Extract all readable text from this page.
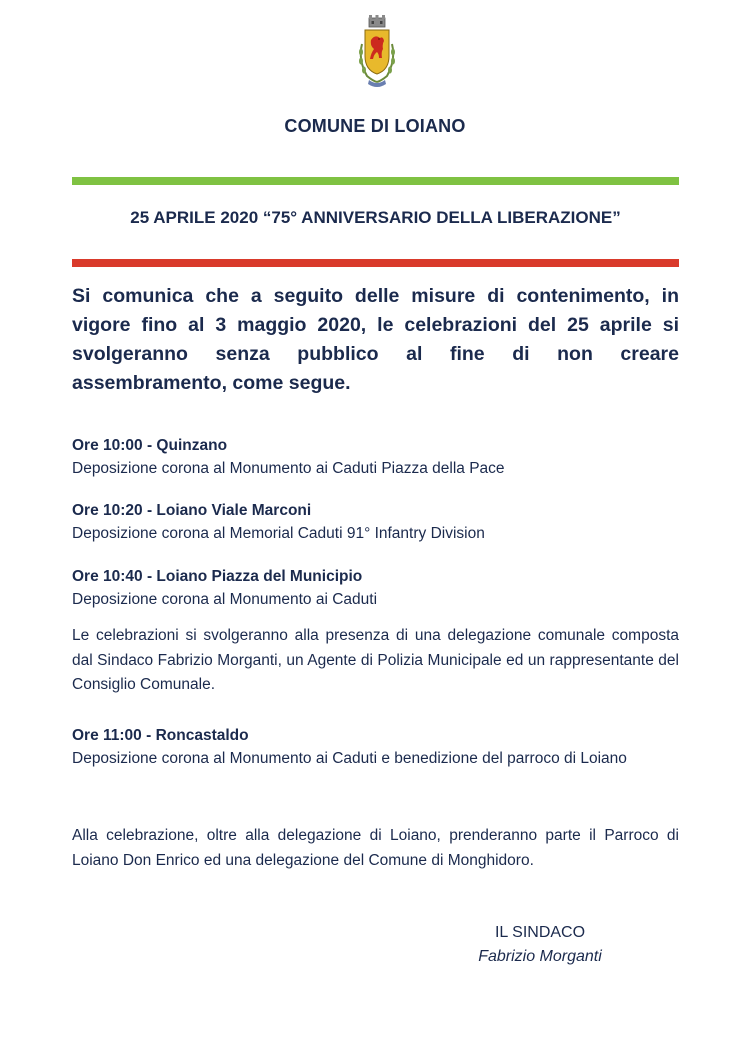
COMUNE DI LOIANO
25 APRILE 2020 “75° ANNIVERSARIO DELLA LIBERAZIONE”
Si comunica che a seguito delle misure di contenimento, in vigore fino al 3 maggio 2020, le celebrazioni del 25 aprile si svolgeranno senza pubblico al fine di non creare assembramento, come segue.
Ore 10:00 - Quinzano
Deposizione corona al Monumento ai Caduti Piazza della Pace
Ore 10:20 - Loiano Viale Marconi
Deposizione corona al Memorial Caduti 91° Infantry Division
Ore 10:40 - Loiano Piazza del Municipio
Deposizione corona al Monumento ai Caduti
Le celebrazioni si svolgeranno alla presenza di una delegazione comunale composta dal Sindaco Fabrizio Morganti, un Agente di Polizia Municipale ed un rappresentante del Consiglio Comunale.
Ore 11:00 - Roncastaldo
Deposizione corona al Monumento ai Caduti e benedizione del parroco di Loiano
Alla celebrazione, oltre alla delegazione di Loiano, prenderanno parte il Parroco di Loiano Don Enrico ed una delegazione del Comune di Monghidoro.
IL SINDACO
Fabrizio Morganti
